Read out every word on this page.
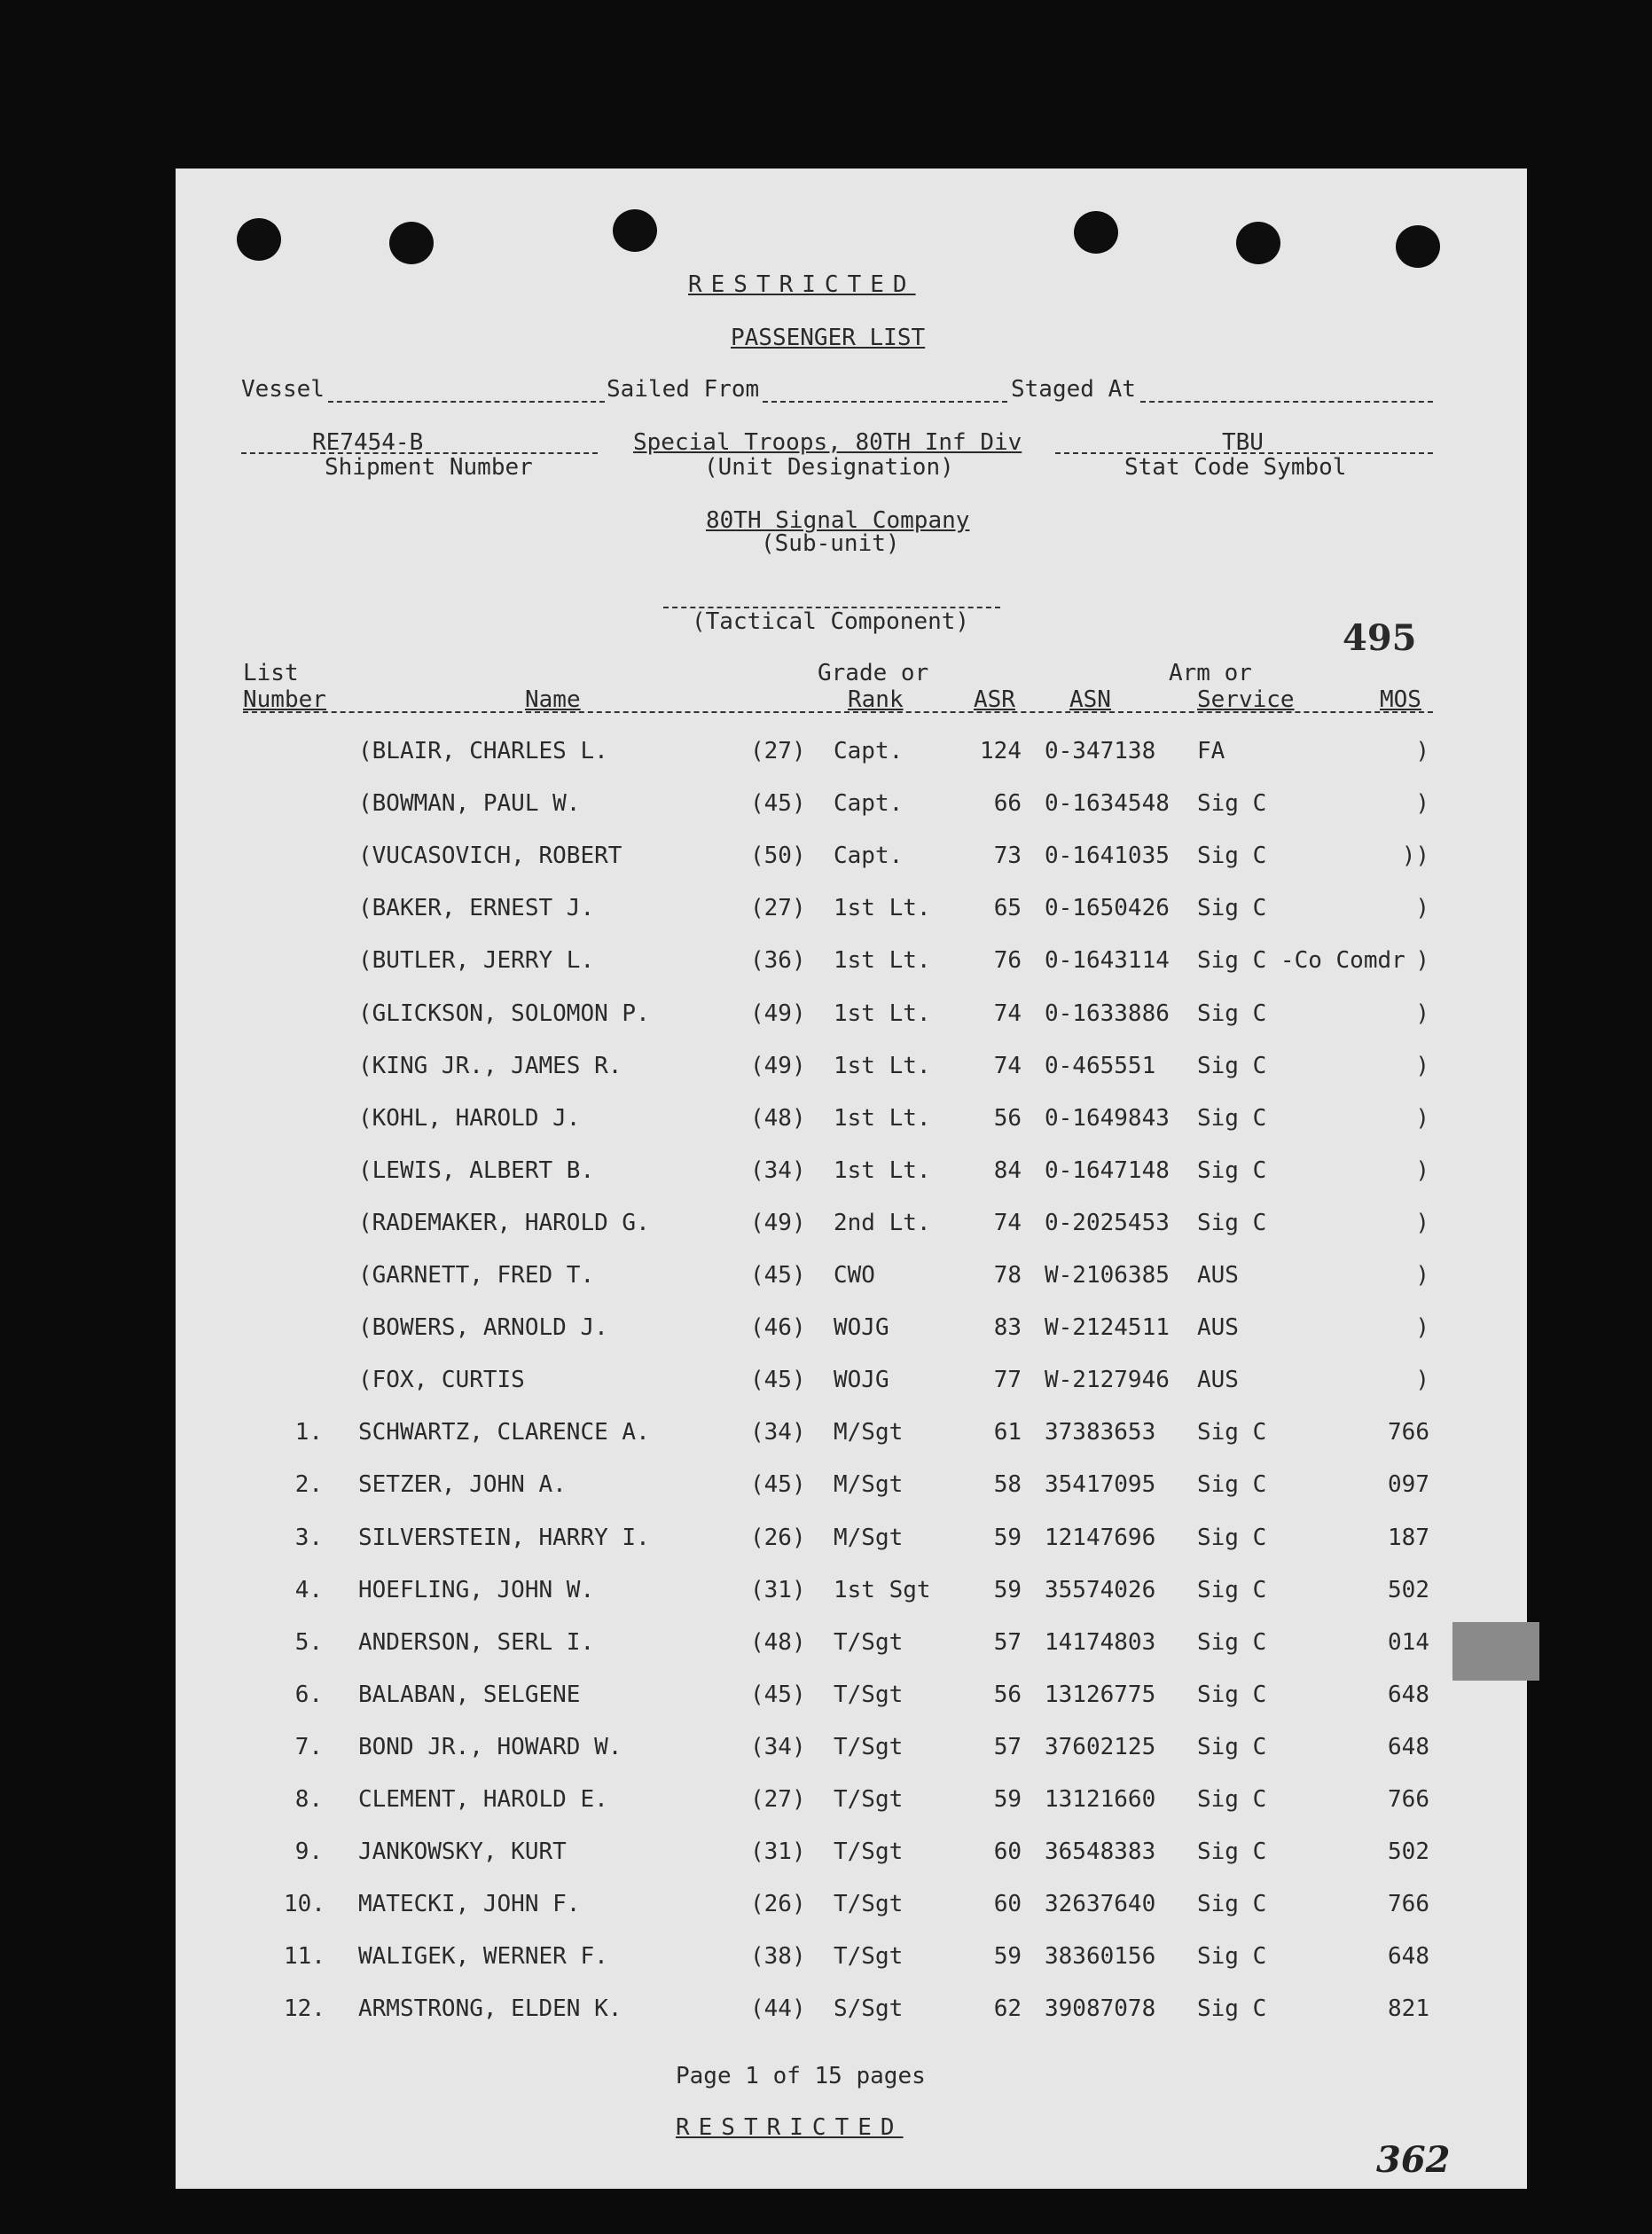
RESTRICTED
PASSENGER LIST
Vessel	Sailed From	Staged At
RE7454-B
Shipment Number
Special Troops, 80TH Inf Div
(Unit Designation)
TBU
Stat Code Symbol
80TH Signal Company
(Sub-unit)
(Tactical Component)	495
List
Number	Name
Grade or
Rank	ASR ASN
Arm or
Service	MOS
(BLAIR, CHARLES L.	(27) Capt.	124 0-347138 FA	)
(BOWMAN, PAUL W.	(45) Capt.	66 0-1634548 Sig C	)
(VUCASOVICH, ROBERT	(50) Capt.	73 0-1641035 Sig C	))
(BAKER, ERNEST J.	(27) 1st Lt.	65 0-1650426 Sig C	)
(BUTLER, JERRY L.	(36) 1st Lt.	76 0-1643114 Sig C -Co Comdr )
(GLICKSON, SOLOMON P.	(49) 1st Lt.	74 0-1633886 Sig C	)
(KING JR., JAMES R.	(49) 1st Lt.	74 0-465551 Sig C	)
(KOHL, HAROLD J.	(48) 1st Lt.	56 0-1649843 Sig C	)
(LEWIS, ALBERT B.	(34) 1st Lt.	84 0-1647148 Sig C	)
(RADEMAKER, HAROLD G.	(49) 2nd Lt.	74 0-2025453 Sig C	)
(GARNETT, FRED T.	(45) CWO	78 W-2106385 AUS	)
(BOWERS, ARNOLD J.	(46) WOJG	83 W-2124511 AUS	)
(FOX, CURTIS	(45) WOJG	77 W-2127946 AUS	)
1. SCHWARTZ, CLARENCE A.	(34) M/Sgt	61 37383653 Sig C	766
2. SETZER, JOHN A.	(45) M/Sgt	58 35417095 Sig C	097
3. SILVERSTEIN, HARRY I.	(26) M/Sgt	59 12147696 Sig C	187
4. HOEFLING, JOHN W.	(31) 1st Sgt	59 35574026 Sig C	502
5. ANDERSON, SERL I.	(48) T/Sgt	57 14174803 Sig C	014
6. BALABAN, SELGENE	(45) T/Sgt	56 13126775 Sig C	648
7. BOND JR., HOWARD W.	(34) T/Sgt	57 37602125 Sig C	648
8. CLEMENT, HAROLD E.	(27) T/Sgt	59 13121660 Sig C	766
9. JANKOWSKY, KURT	(31) T/Sgt	60 36548383 Sig C	502
10. MATECKI, JOHN F.	(26) T/Sgt	60 32637640 Sig C	766
11. WALIGEK, WERNER F.	(38) T/Sgt	59 38360156 Sig C	648
12. ARMSTRONG, ELDEN K.	(44) S/Sgt	62 39087078 Sig C	821
Page 1 of 15 pages
RESTRICTED
362
